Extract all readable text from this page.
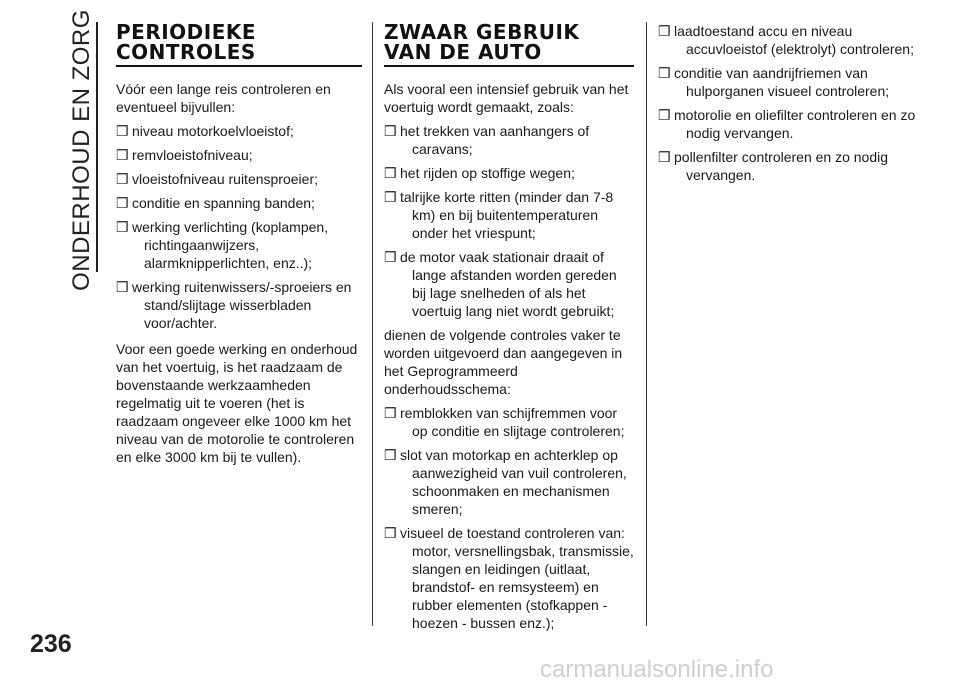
ONDERHOUD EN ZORG
236
PERIODIEKE
CONTROLES

Vóór een lange reis controleren en eventueel bijvullen:

❒ niveau motorkoelvloeistof;
❒ remvloeistofniveau;
❒ vloeistofniveau ruitensproeier;
❒ conditie en spanning banden;
❒ werking verlichting (koplampen, richtingaanwijzers, alarmknipperlichten, enz..);
❒ werking ruitenwissers/-sproeiers en stand/slijtage wisserbladen voor/achter.

Voor een goede werking en onderhoud van het voertuig, is het raadzaam de bovenstaande werkzaamheden regelmatig uit te voeren (het is raadzaam ongeveer elke 1000 km het niveau van de motorolie te controleren en elke 3000 km bij te vullen).

ZWAAR GEBRUIK
VAN DE AUTO

Als vooral een intensief gebruik van het voertuig wordt gemaakt, zoals:

❒ het trekken van aanhangers of caravans;
❒ het rijden op stoffige wegen;
❒ talrijke korte ritten (minder dan 7-8 km) en bij buitentemperaturen onder het vriespunt;
❒ de motor vaak stationair draait of lange afstanden worden gereden bij lage snelheden of als het voertuig lang niet wordt gebruikt;

dienen de volgende controles vaker te worden uitgevoerd dan aangegeven in het Geprogrammeerd onderhoudsschema:

❒ remblokken van schijfremmen voor op conditie en slijtage controleren;
❒ slot van motorkap en achterklep op aanwezigheid van vuil controleren, schoonmaken en mechanismen smeren;
❒ visueel de toestand controleren van: motor, versnellingsbak, transmissie, slangen en leidingen (uitlaat, brandstof- en remsysteem) en rubber elementen (stofkappen - hoezen - bussen enz.);
❒ laadtoestand accu en niveau accuvloeistof (elektrolyt) controleren;
❒ conditie van aandrijfriemen van hulporganen visueel controleren;
❒ motorolie en oliefilter controleren en zo nodig vervangen.
❒ pollenfilter controleren en zo nodig vervangen.
carmanualsonline.info
